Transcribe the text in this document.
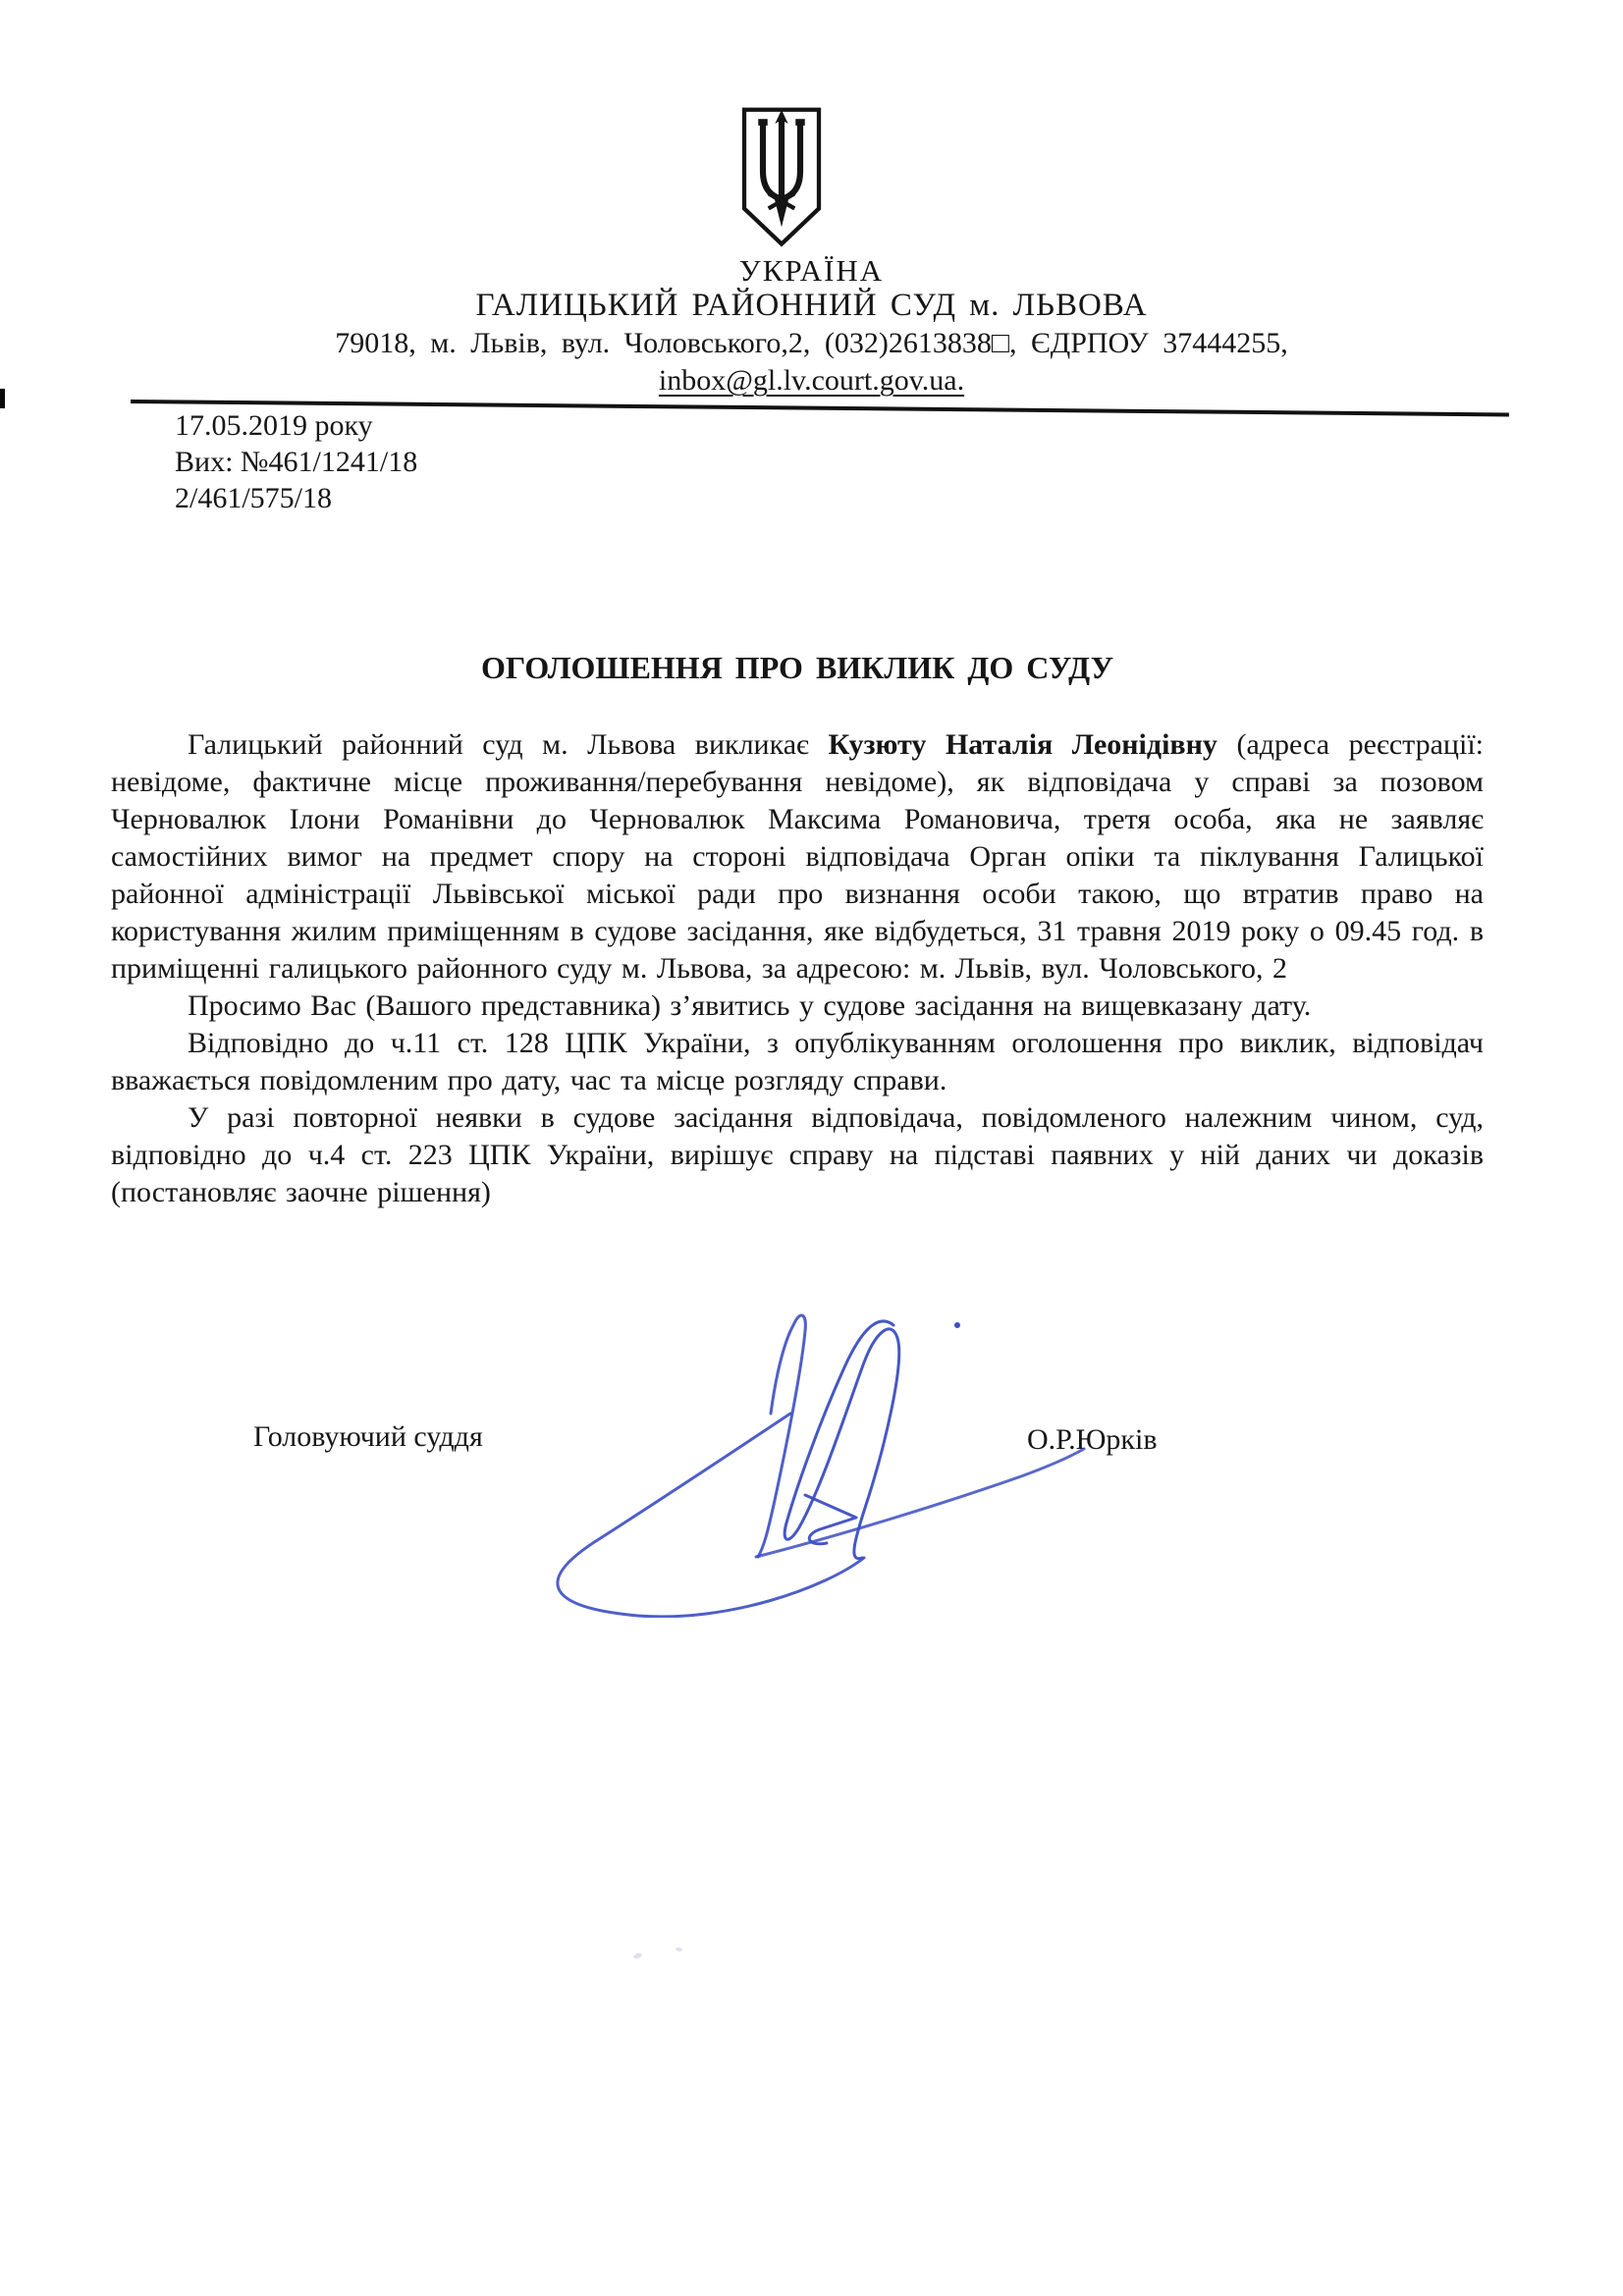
УКРАЇНА
ГАЛИЦЬКИЙ РАЙОННИЙ СУД м. ЛЬВОВА
79018, м. Львів, вул. Чоловського,2, (032)2613838□, ЄДРПОУ 37444255,
inbox@gl.lv.court.gov.ua.
17.05.2019 року
Вих: №461/1241/18
2/461/575/18
ОГОЛОШЕННЯ ПРО ВИКЛИК ДО СУДУ

Галицький районний суд м. Львова викликає Кузюту Наталія Леонідівну (адреса реєстрації: невідоме, фактичне місце проживання/перебування невідоме), як відповідача у справі за позовом Черновалюк Ілони Романівни до Черновалюк Максима Романовича, третя особа, яка не заявляє самостійних вимог на предмет спору на стороні відповідача Орган опіки та піклування Галицької районної адміністрації Львівської міської ради про визнання особи такою, що втратив право на користування жилим приміщенням в судове засідання, яке відбудеться, 31 травня 2019 року о 09.45 год. в приміщенні галицького районного суду м. Львова, за адресою: м. Львів, вул. Чоловського, 2

Просимо Вас (Вашого представника) з’явитись у судове засідання на вищевказану дату.

Відповідно до ч.11 ст. 128 ЦПК України, з опублікуванням оголошення про виклик, відповідач вважається повідомленим про дату, час та місце розгляду справи.

У разі повторної неявки в судове засідання відповідача, повідомленого належним чином, суд, відповідно до ч.4 ст. 223 ЦПК України, вирішує справу на підставі паявних у ній даних чи доказів (постановляє заочне рішення)

Головуючий суддя	О.Р.Юрків
